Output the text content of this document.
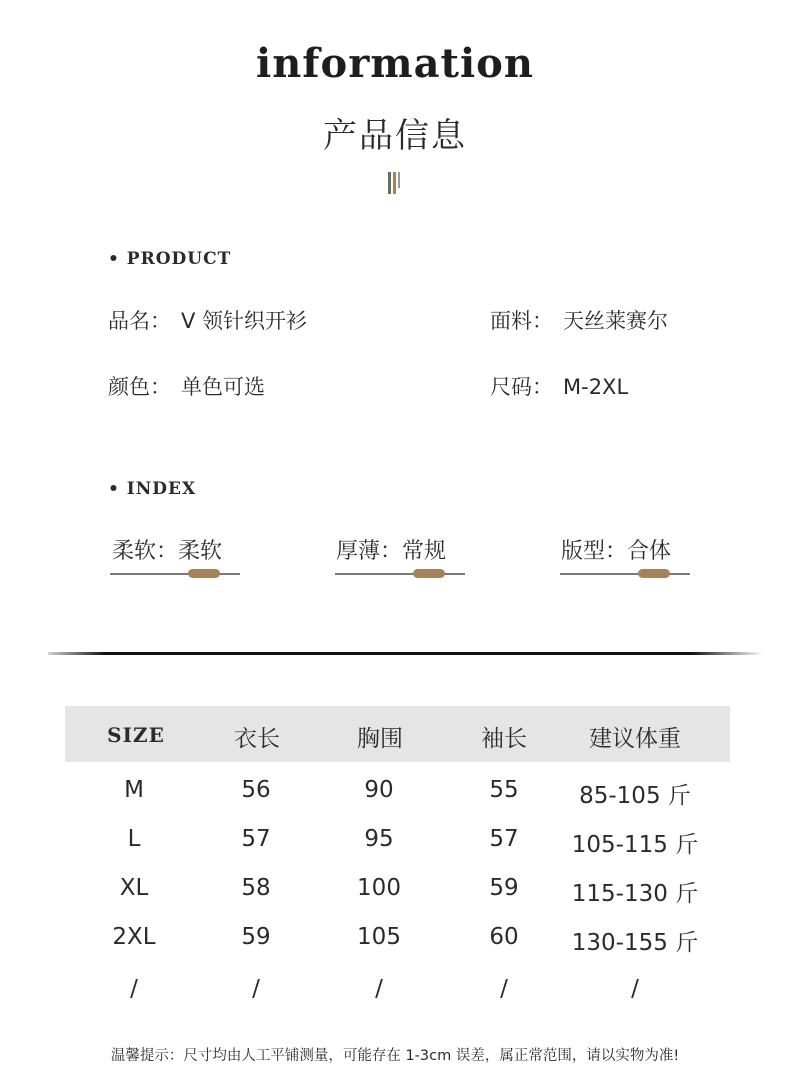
information
产品信息
• PRODUCT
品名： V 领针织开衫	面料： 天丝莱赛尔
颜色： 单色可选	尺码： M-2XL
• INDEX
柔软：柔软	厚薄：常规	版型：合体
SIZE	衣长	胸围	袖长	建议体重
M	56	90	55	85-105 斤
L	57	95	57	105-115 斤
XL	58	100	59	115-130 斤
2XL	59	105	60	130-155 斤
/	/	/	/	/
温馨提示：尺寸均由人工平铺测量，可能存在 1-3cm 误差，属正常范围，请以实物为准!
